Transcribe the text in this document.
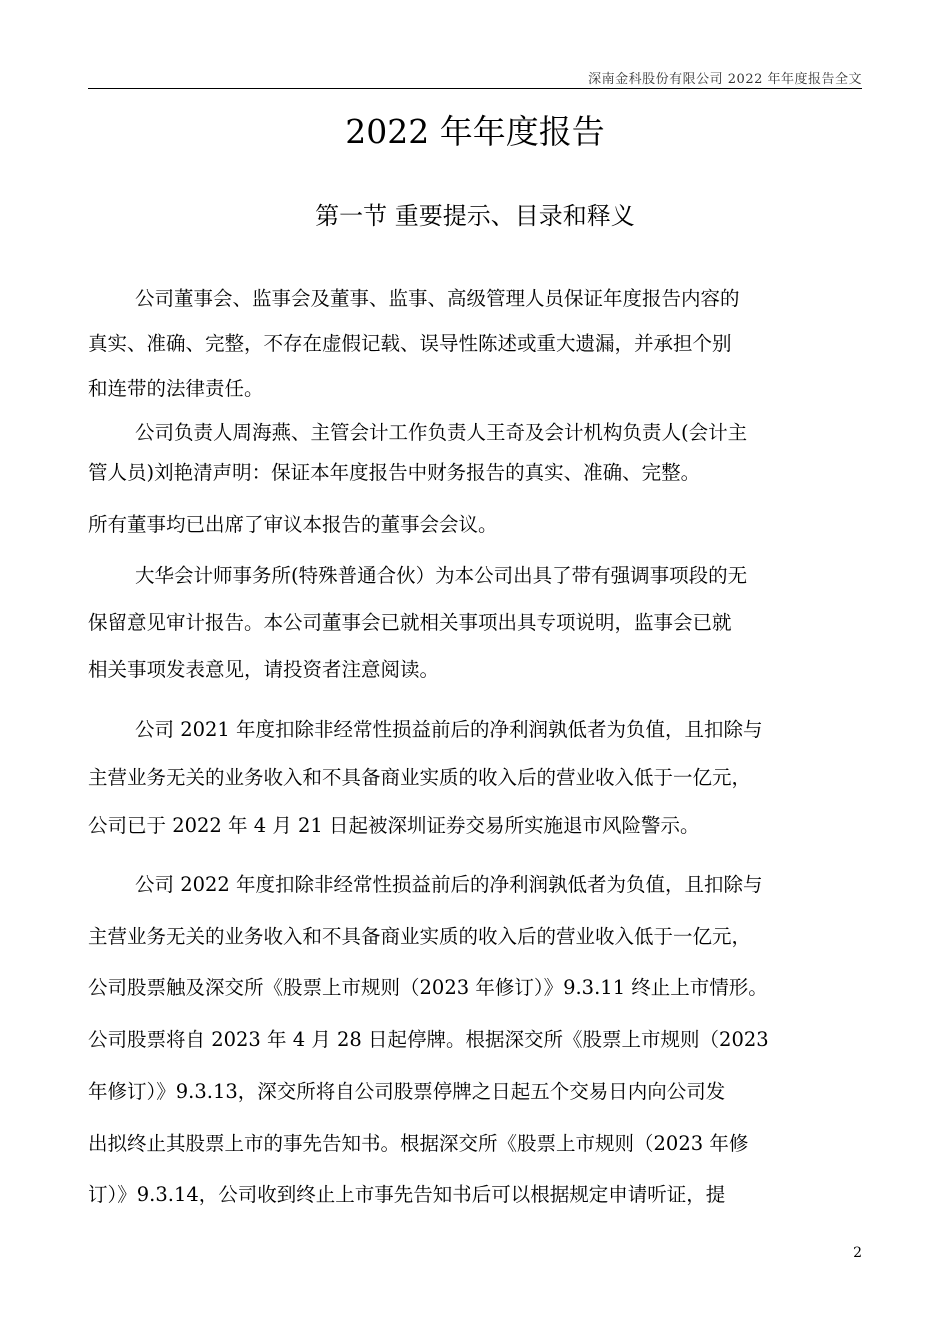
深南金科股份有限公司 2022 年年度报告全文
2022 年年度报告
第一节 重要提示、目录和释义
公司董事会、监事会及董事、监事、高级管理人员保证年度报告内容的
真实、准确、完整，不存在虚假记载、误导性陈述或重大遗漏，并承担个别
和连带的法律责任。
公司负责人周海燕、主管会计工作负责人王奇及会计机构负责人(会计主
管人员)刘艳清声明：保证本年度报告中财务报告的真实、准确、完整。
所有董事均已出席了审议本报告的董事会会议。
大华会计师事务所(特殊普通合伙）为本公司出具了带有强调事项段的无
保留意见审计报告。本公司董事会已就相关事项出具专项说明，监事会已就
相关事项发表意见，请投资者注意阅读。
公司 2021 年度扣除非经常性损益前后的净利润孰低者为负值，且扣除与
主营业务无关的业务收入和不具备商业实质的收入后的营业收入低于一亿元，
公司已于 2022 年 4 月 21 日起被深圳证券交易所实施退市风险警示。
公司 2022 年度扣除非经常性损益前后的净利润孰低者为负值，且扣除与
主营业务无关的业务收入和不具备商业实质的收入后的营业收入低于一亿元，
公司股票触及深交所《股票上市规则（2023 年修订）》9.3.11 终止上市情形。
公司股票将自 2023 年 4 月 28 日起停牌。根据深交所《股票上市规则（2023
年修订）》9.3.13，深交所将自公司股票停牌之日起五个交易日内向公司发
出拟终止其股票上市的事先告知书。根据深交所《股票上市规则（2023 年修
订）》9.3.14，公司收到终止上市事先告知书后可以根据规定申请听证，提
2
